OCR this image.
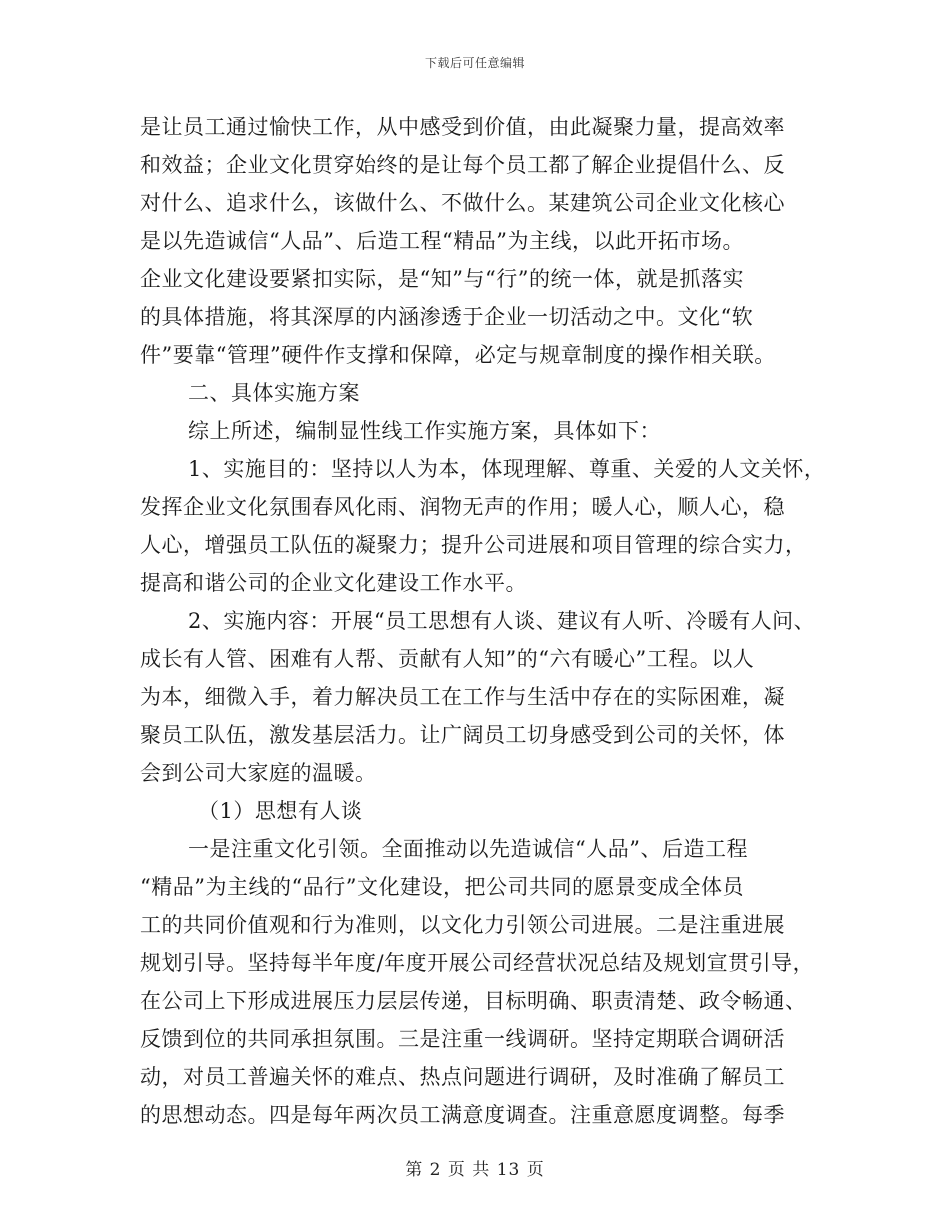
下载后可任意编辑
是让员工通过愉快工作，从中感受到价值，由此凝聚力量，提高效率
和效益；企业文化贯穿始终的是让每个员工都了解企业提倡什么、反
对什么、追求什么，该做什么、不做什么。某建筑公司企业文化核心
是以先造诚信“人品”、后造工程“精品”为主线，以此开拓市场。
企业文化建设要紧扣实际，是“知”与“行”的统一体，就是抓落实
的具体措施，将其深厚的内涵渗透于企业一切活动之中。文化“软
件”要靠“管理”硬件作支撑和保障，必定与规章制度的操作相关联。
二、具体实施方案
综上所述，编制显性线工作实施方案，具体如下：
1、实施目的：坚持以人为本，体现理解、尊重、关爱的人文关怀，
发挥企业文化氛围春风化雨、润物无声的作用；暖人心，顺人心，稳
人心，增强员工队伍的凝聚力；提升公司进展和项目管理的综合实力，
提高和谐公司的企业文化建设工作水平。
2、实施内容：开展“员工思想有人谈、建议有人听、冷暖有人问、
成长有人管、困难有人帮、贡献有人知”的“六有暖心”工程。以人
为本，细微入手，着力解决员工在工作与生活中存在的实际困难，凝
聚员工队伍，激发基层活力。让广阔员工切身感受到公司的关怀，体
会到公司大家庭的温暖。
（1）思想有人谈
一是注重文化引领。全面推动以先造诚信“人品”、后造工程
“精品”为主线的“品行”文化建设，把公司共同的愿景变成全体员
工的共同价值观和行为准则，以文化力引领公司进展。二是注重进展
规划引导。坚持每半年度/年度开展公司经营状况总结及规划宣贯引导，
在公司上下形成进展压力层层传递，目标明确、职责清楚、政令畅通、
反馈到位的共同承担氛围。三是注重一线调研。坚持定期联合调研活
动，对员工普遍关怀的难点、热点问题进行调研，及时准确了解员工
的思想动态。四是每年两次员工满意度调查。注重意愿度调整。每季
第 2 页 共 13 页
